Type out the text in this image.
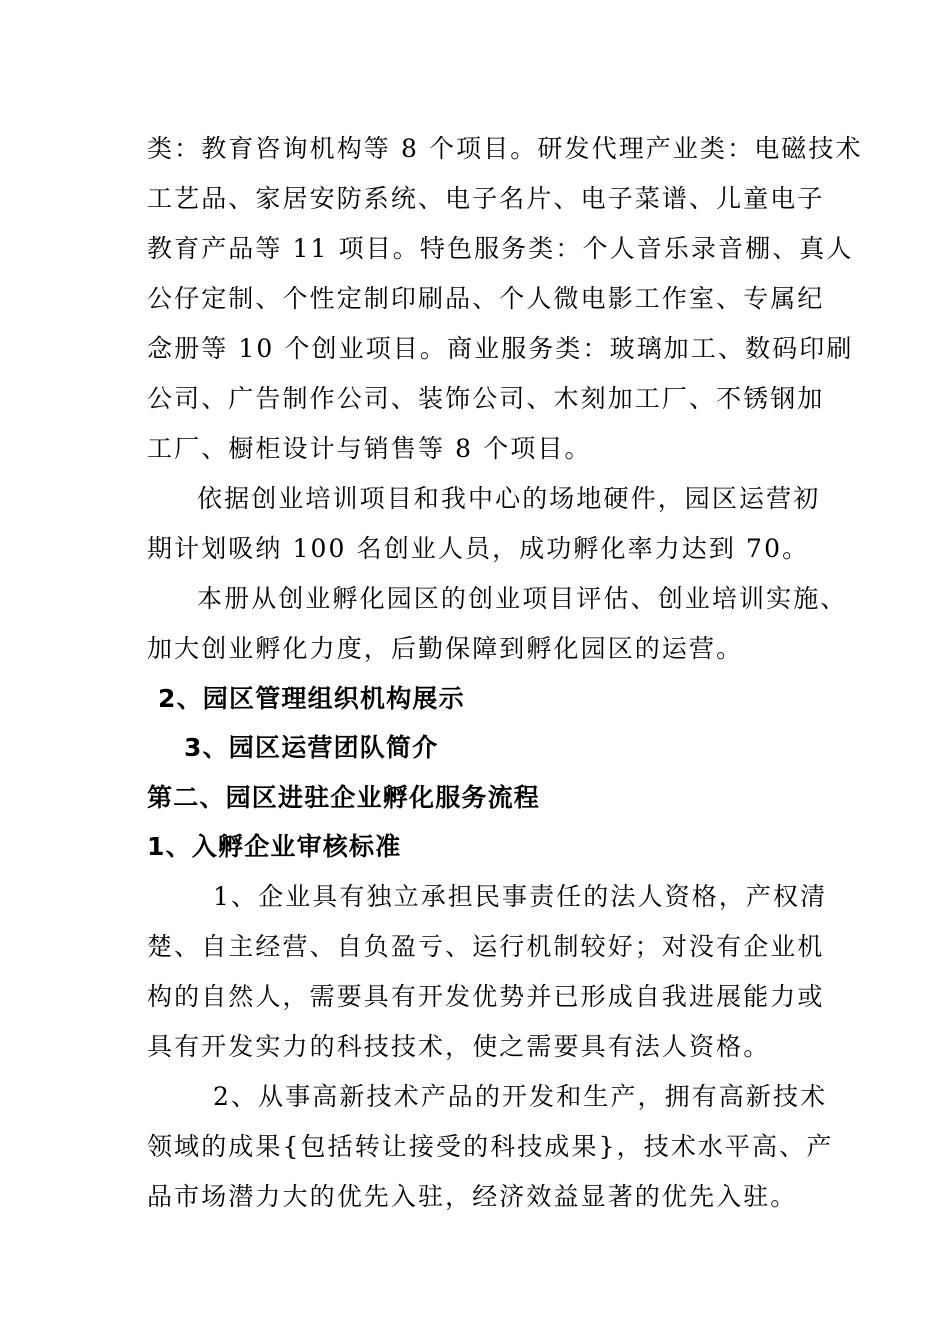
类：教育咨询机构等 8 个项目。研发代理产业类：电磁技术
工艺品、家居安防系统、电子名片、电子菜谱、儿童电子
教育产品等 11 项目。特色服务类：个人音乐录音棚、真人
公仔定制、个性定制印刷品、个人微电影工作室、专属纪
念册等 10 个创业项目。商业服务类：玻璃加工、数码印刷
公司、广告制作公司、装饰公司、木刻加工厂、不锈钢加
工厂、橱柜设计与销售等 8 个项目。
依据创业培训项目和我中心的场地硬件，园区运营初
期计划吸纳 100 名创业人员，成功孵化率力达到 70。
本册从创业孵化园区的创业项目评估、创业培训实施、
加大创业孵化力度，后勤保障到孵化园区的运营。
2、园区管理组织机构展示
3、园区运营团队简介
第二、园区进驻企业孵化服务流程
1、入孵企业审核标准
1、企业具有独立承担民事责任的法人资格，产权清
楚、自主经营、自负盈亏、运行机制较好；对没有企业机
构的自然人，需要具有开发优势并已形成自我进展能力或
具有开发实力的科技技术，使之需要具有法人资格。
2、从事高新技术产品的开发和生产，拥有高新技术
领域的成果{包括转让接受的科技成果}，技术水平高、产
品市场潜力大的优先入驻，经济效益显著的优先入驻。
